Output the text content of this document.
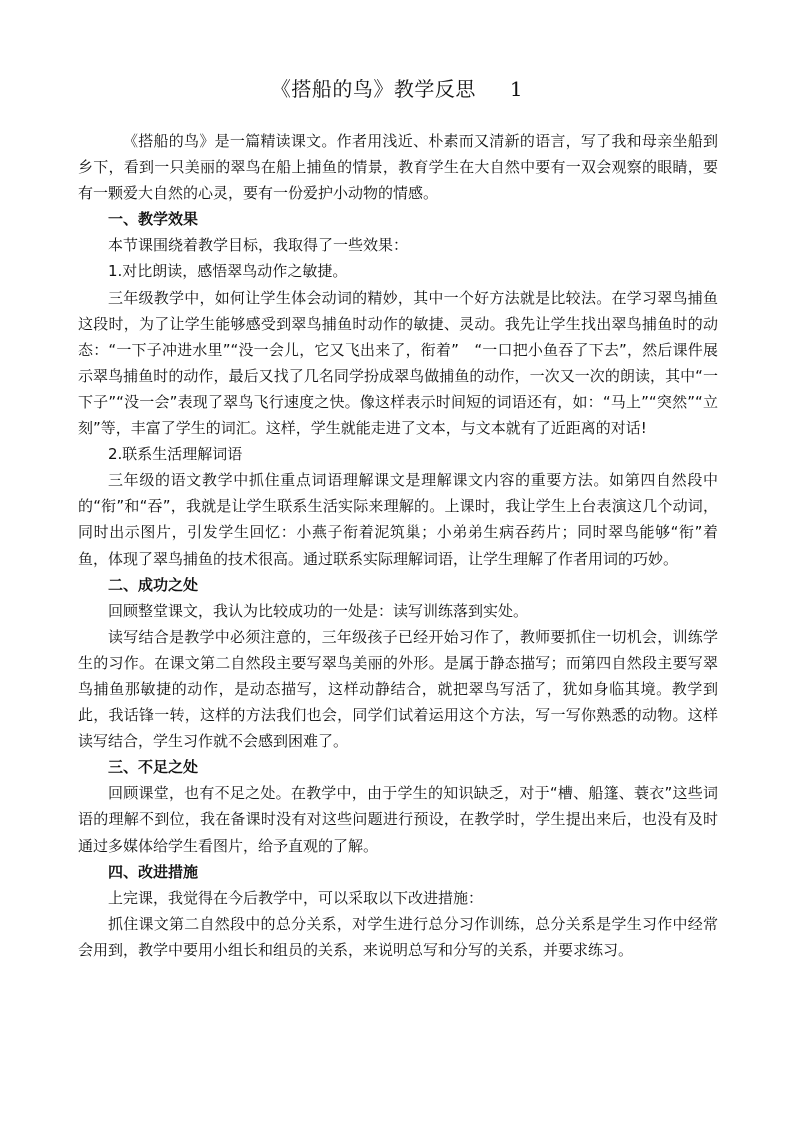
《搭船的鸟》教学反思 1

《搭船的鸟》是一篇精读课文。作者用浅近、朴素而又清新的语言，写了我和母亲坐船到乡下，看到一只美丽的翠鸟在船上捕鱼的情景，教育学生在大自然中要有一双会观察的眼睛，要有一颗爱大自然的心灵，要有一份爱护小动物的情感。

一、教学效果

本节课围绕着教学目标，我取得了一些效果：

1.对比朗读，感悟翠鸟动作之敏捷。

三年级教学中，如何让学生体会动词的精妙，其中一个好方法就是比较法。在学习翠鸟捕鱼这段时，为了让学生能够感受到翠鸟捕鱼时动作的敏捷、灵动。我先让学生找出翠鸟捕鱼时的动态：“一下子冲进水里”“没一会儿，它又飞出来了，衔着”　“一口把小鱼吞了下去”，然后课件展示翠鸟捕鱼时的动作，最后又找了几名同学扮成翠鸟做捕鱼的动作，一次又一次的朗读，其中“一下子”“没一会”表现了翠鸟飞行速度之快。像这样表示时间短的词语还有，如：“马上”“突然”“立刻”等，丰富了学生的词汇。这样，学生就能走进了文本，与文本就有了近距离的对话!

2.联系生活理解词语

三年级的语文教学中抓住重点词语理解课文是理解课文内容的重要方法。如第四自然段中的“衔”和“吞”，我就是让学生联系生活实际来理解的。上课时，我让学生上台表演这几个动词，同时出示图片，引发学生回忆：小燕子衔着泥筑巢；小弟弟生病吞药片；同时翠鸟能够“衔”着鱼，体现了翠鸟捕鱼的技术很高。通过联系实际理解词语，让学生理解了作者用词的巧妙。

二、成功之处

回顾整堂课文，我认为比较成功的一处是：读写训练落到实处。

读写结合是教学中必须注意的，三年级孩子已经开始习作了，教师要抓住一切机会，训练学生的习作。在课文第二自然段主要写翠鸟美丽的外形。是属于静态描写；而第四自然段主要写翠鸟捕鱼那敏捷的动作，是动态描写，这样动静结合，就把翠鸟写活了，犹如身临其境。教学到此，我话锋一转，这样的方法我们也会，同学们试着运用这个方法，写一写你熟悉的动物。这样读写结合，学生习作就不会感到困难了。

三、不足之处

回顾课堂，也有不足之处。在教学中，由于学生的知识缺乏，对于“槽、船篷、蓑衣”这些词语的理解不到位，我在备课时没有对这些问题进行预设，在教学时，学生提出来后，也没有及时通过多媒体给学生看图片，给予直观的了解。

四、改进措施

上完课，我觉得在今后教学中，可以采取以下改进措施：

抓住课文第二自然段中的总分关系，对学生进行总分习作训练，总分关系是学生习作中经常会用到，教学中要用小组长和组员的关系，来说明总写和分写的关系，并要求练习。
